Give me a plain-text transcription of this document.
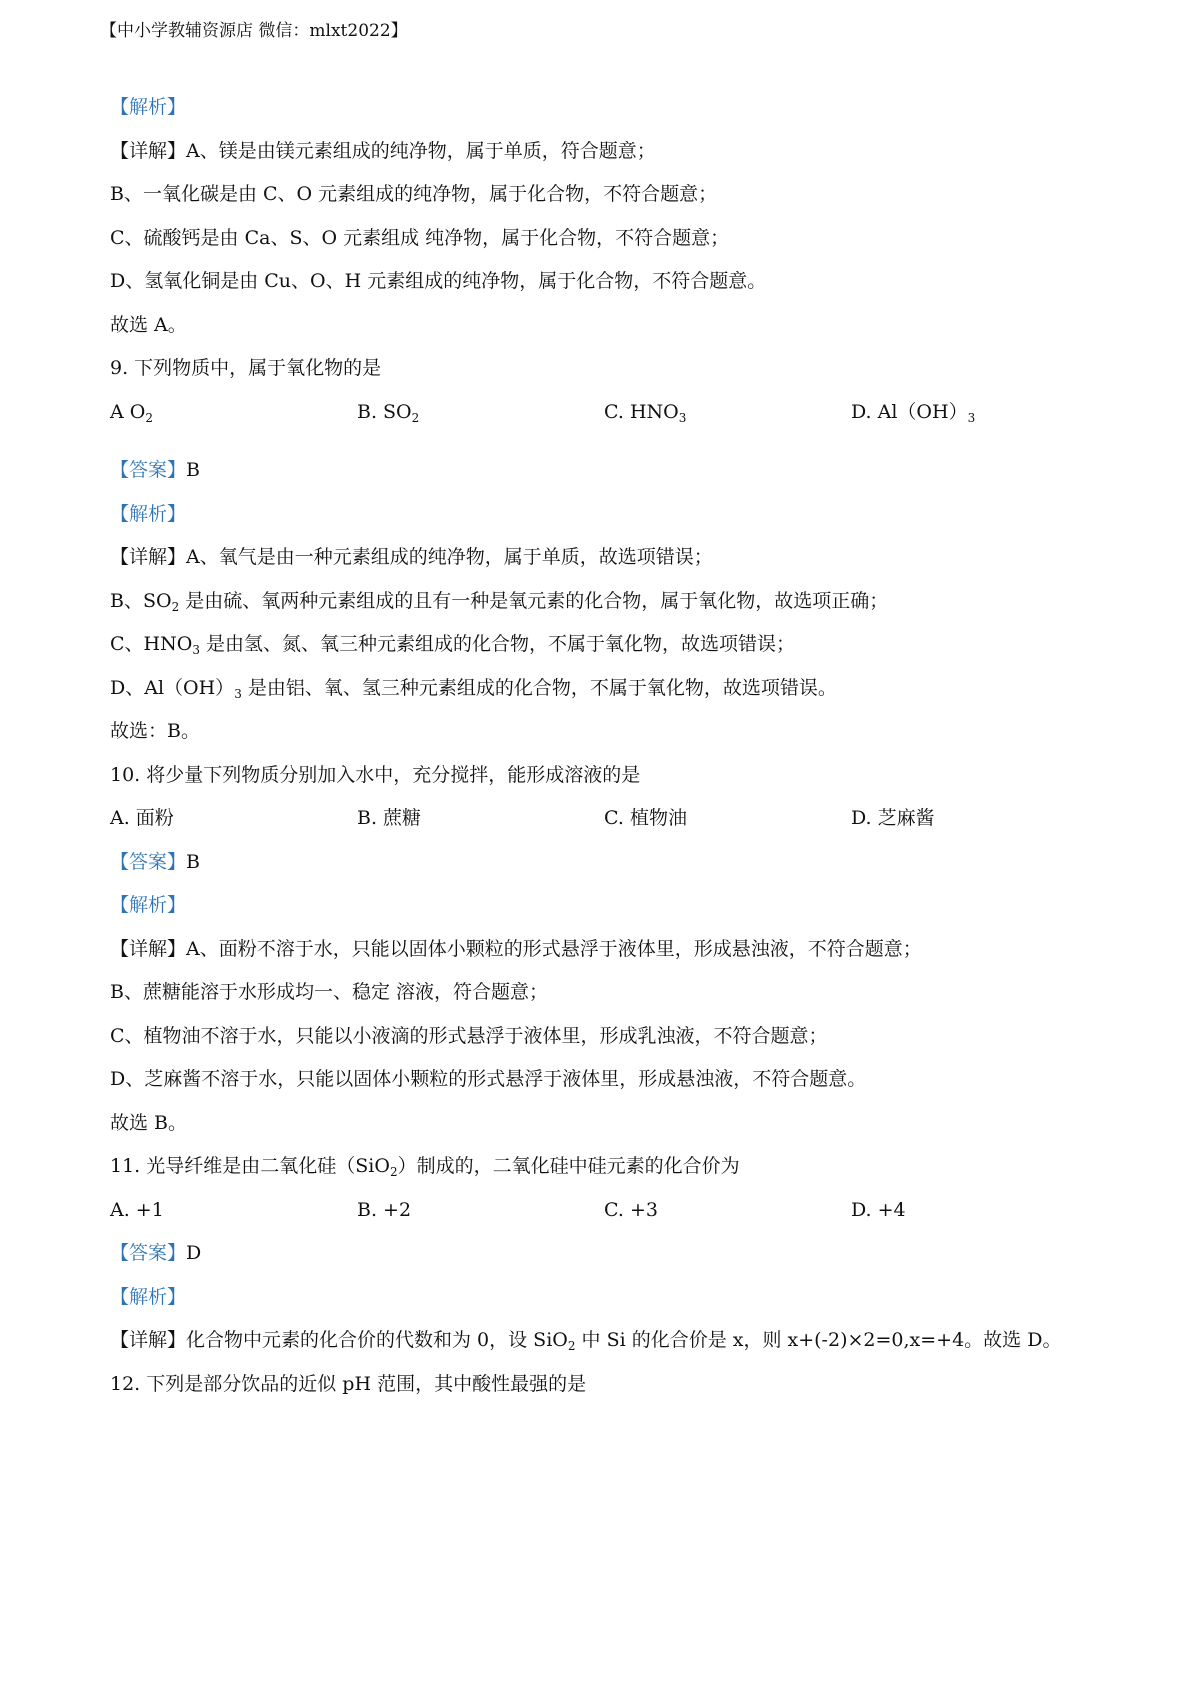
【中小学教辅资源店 微信：mlxt2022】
【解析】
【详解】A、镁是由镁元素组成的纯净物，属于单质，符合题意；
B、一氧化碳是由 C、O 元素组成的纯净物，属于化合物，不符合题意；
C、硫酸钙是由 Ca、S、O 元素组成 纯净物，属于化合物，不符合题意；
D、氢氧化铜是由 Cu、O、H 元素组成的纯净物，属于化合物，不符合题意。
故选 A。
9. 下列物质中，属于氧化物的是
A $O_2$	B. $SO_2$	C. $HNO_3$	D. $Al(OH)_3$
【答案】B
【解析】
【详解】A、氧气是由一种元素组成的纯净物，属于单质，故选项错误；
B、$SO_2$ 是由硫、氧两种元素组成的且有一种是氧元素的化合物，属于氧化物，故选项正确；
C、$HNO_3$ 是由氢、氮、氧三种元素组成的化合物，不属于氧化物，故选项错误；
D、$Al(OH)_3$ 是由铝、氧、氢三种元素组成的化合物，不属于氧化物，故选项错误。
故选：B。
10. 将少量下列物质分别加入水中，充分搅拌，能形成溶液的是
A. 面粉	B. 蔗糖	C. 植物油	D. 芝麻酱
【答案】B
【解析】
【详解】A、面粉不溶于水，只能以固体小颗粒的形式悬浮于液体里，形成悬浊液，不符合题意；
B、蔗糖能溶于水形成均一、稳定 溶液，符合题意；
C、植物油不溶于水，只能以小液滴的形式悬浮于液体里，形成乳浊液，不符合题意；
D、芝麻酱不溶于水，只能以固体小颗粒的形式悬浮于液体里，形成悬浊液，不符合题意。
故选 B。
11. 光导纤维是由二氧化硅（SiO$_2$）制成的，二氧化硅中硅元素的化合价为
A. +1	B. +2	C. +3	D. +4
【答案】D
【解析】
【详解】化合物中元素的化合价的代数和为 0，设 SiO$_2$ 中 Si 的化合价是 x，则 x+(-2)×2=0,x=+4。故选 D。
12. 下列是部分饮品的近似 pH 范围，其中酸性最强的是
